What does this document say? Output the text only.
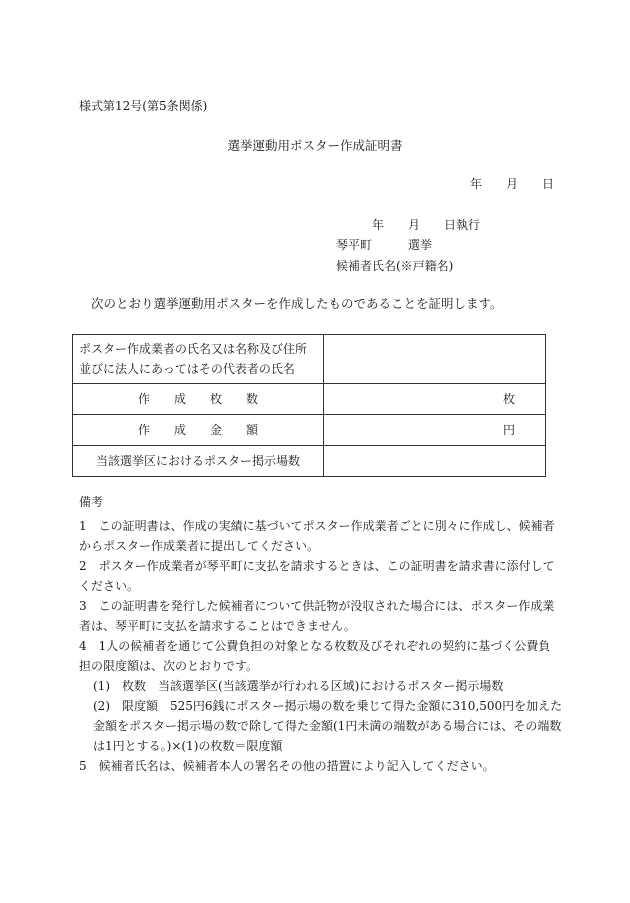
様式第12号(第5条関係)
選挙運動用ポスター作成証明書
年　　月　　日
年　　月　　日執行
琴平町　　　選挙
候補者氏名(※戸籍名)
次のとおり選挙運動用ポスターを作成したものであることを証明します。
ポスター作成業者の氏名又は名称及び住所並びに法人にあってはその代表者の氏名	

作　　成　　枚　　数	枚

作　　成　　金　　額	円

当該選挙区におけるポスター掲示場数	

備考
1　この証明書は、作成の実績に基づいてポスター作成業者ごとに別々に作成し、候補者からポスター作成業者に提出してください。
2　ポスター作成業者が琴平町に支払を請求するときは、この証明書を請求書に添付してください。
3　この証明書を発行した候補者について供託物が没収された場合には、ポスター作成業者は、琴平町に支払を請求することはできません。
4　1人の候補者を通じて公費負担の対象となる枚数及びそれぞれの契約に基づく公費負担の限度額は、次のとおりです。
(1)　枚数　当該選挙区(当該選挙が行われる区域)におけるポスター掲示場数
(2)　限度額　525円6銭にポスター掲示場の数を乗じて得た金額に310,500円を加えた金額をポスター掲示場の数で除して得た金額(1円未満の端数がある場合には、その端数は1円とする。)×(1)の枚数＝限度額
5　候補者氏名は、候補者本人の署名その他の措置により記入してください。
